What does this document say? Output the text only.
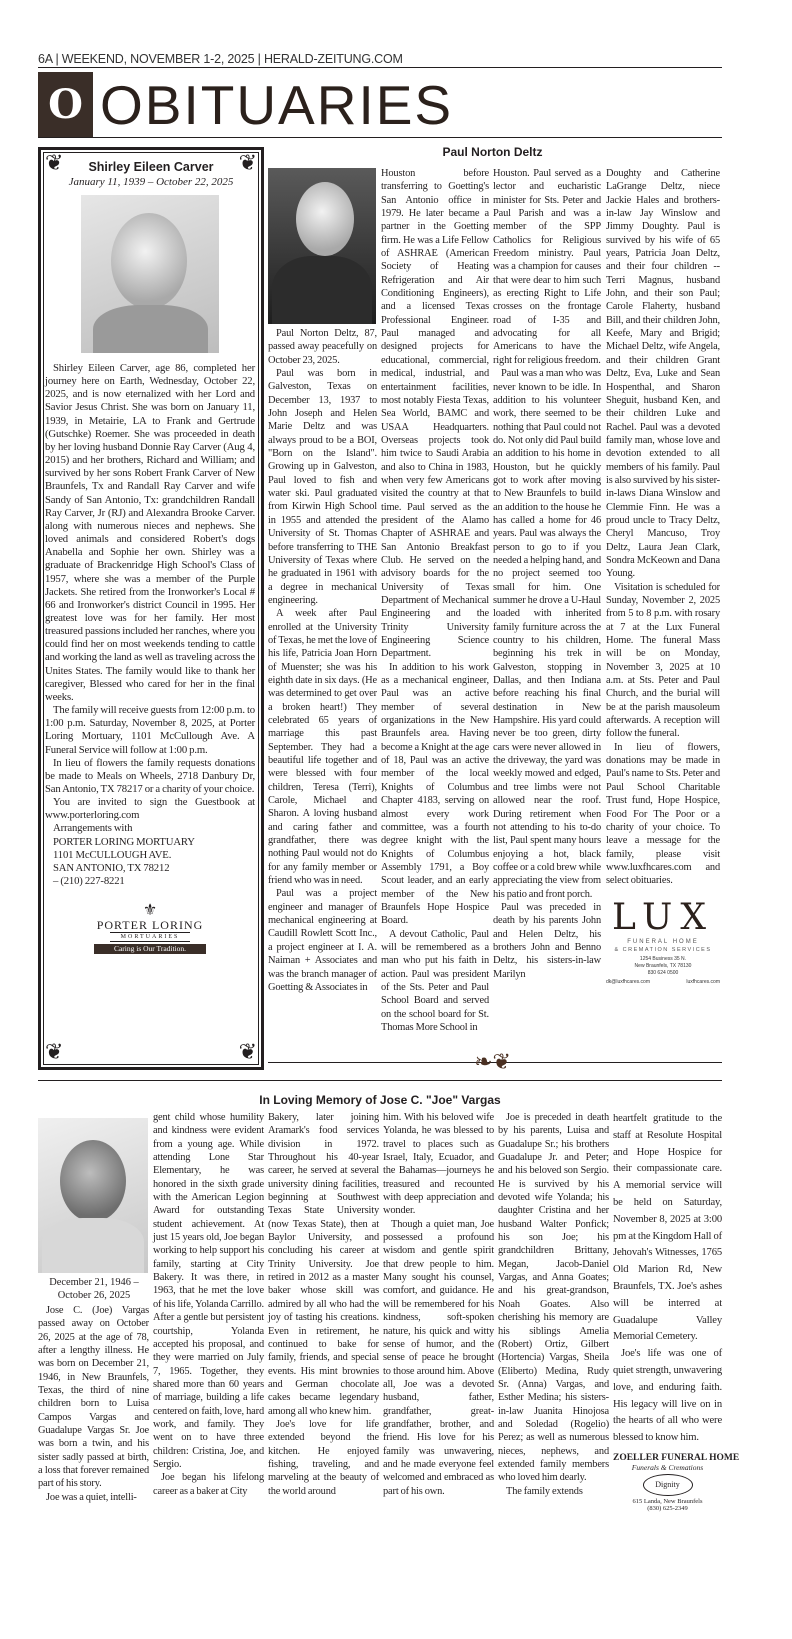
6A | WEEKEND, NOVEMBER 1-2, 2025 | HERALD-ZEITUNG.COM
O OBITUARIES
❦	❦
❦	❦
Shirley Eileen Carver
January 11, 1939 – October 22, 2025

Shirley Eileen Carver, age 86, completed her journey here on Earth, Wednesday, October 22, 2025, and is now eternalized with her Lord and Savior Jesus Christ. She was born on January 11, 1939, in Metairie, LA to Frank and Gertrude (Gutschke) Roemer. She was proceeded in death by her loving husband Donnie Ray Carver (Aug 4, 2015) and her brothers, Richard and William; and survived by her sons Robert Frank Carver of New Braunfels, Tx and Randall Ray Carver and wife Sandy of San Antonio, Tx: grandchildren Randall Ray Carver, Jr (RJ) and Alexandra Brooke Carver. along with numerous nieces and nephews. She loved animals and considered Robert's dogs Anabella and Sophie her own. Shirley was a graduate of Brackenridge High School's Class of 1957, where she was a member of the Purple Jackets. She retired from the Ironworker's Local # 66 and Ironworker's district Council in 1995. Her greatest love was for her family. Her most treasured passions included her ranches, where you could find her on most weekends tending to cattle and working the land as well as traveling across the Unites States. The family would like to thank her caregiver, Blessed who cared for her in the final weeks.

The family will receive guests from 12:00 p.m. to 1:00 p.m. Saturday, November 8, 2025, at Porter Loring Mortuary, 1101 McCullough Ave. A Funeral Service will follow at 1:00 p.m.

In lieu of flowers the family requests donations be made to Meals on Wheels, 2718 Danbury Dr, San Antonio, TX 78217 or a charity of your choice.

You are invited to sign the Guestbook at www.porterloring.com

Arrangements with
PORTER LORING MORTUARY
1101 McCULLOUGH AVE.
SAN ANTONIO, TX 78212
– (210) 227-8221
⚜
PORTER LORING
MORTUARIES
Caring is Our Tradition.
Paul Norton Deltz

Paul Norton Deltz, 87, passed away peacefully on October 23, 2025.

Paul was born in Galveston, Texas on December 13, 1937 to John Joseph and Helen Marie Deltz and was always proud to be a BOI, "Born on the Island". Growing up in Galveston, Paul loved to fish and water ski. Paul graduated from Kirwin High School in 1955 and attended the University of St. Thomas before transferring to THE University of Texas where he graduated in 1961 with a degree in mechanical engineering.

A week after Paul enrolled at the University of Texas, he met the love of his life, Patricia Joan Horn of Muenster; she was his eighth date in six days. (He was determined to get over a broken heart!) They celebrated 65 years of marriage this past September. They had a beautiful life together and were blessed with four children, Teresa (Terri), Carole, Michael and Sharon. A loving husband and caring father and grandfather, there was nothing Paul would not do for any family member or friend who was in need.

Paul was a project engineer and manager of mechanical engineering at Caudill Rowlett Scott Inc., a project engineer at I. A. Naiman + Associates and was the branch manager of Goetting & Associates in

Houston before transferring to Goetting's San Antonio office in 1979. He later became a partner in the Goetting firm. He was a Life Fellow of ASHRAE (American Society of Heating Refrigeration and Air Conditioning Engineers), and a licensed Texas Professional Engineer. Paul managed and designed projects for educational, commercial, medical, industrial, and entertainment facilities, most notably Fiesta Texas, Sea World, BAMC and USAA Headquarters. Overseas projects took him twice to Saudi Arabia and also to China in 1983, when very few Americans visited the country at that time. Paul served as the president of the Alamo Chapter of ASHRAE and San Antonio Breakfast Club. He served on the advisory boards for the University of Texas Department of Mechanical Engineering and the Trinity University Engineering Science Department.

In addition to his work as a mechanical engineer, Paul was an active member of several organizations in the New Braunfels area. Having become a Knight at the age of 18, Paul was an active member of the local Knights of Columbus Chapter 4183, serving on almost every work committee, was a fourth degree knight with the Knights of Columbus Assembly 1791, a Boy Scout leader, and an early member of the New Braunfels Hope Hospice Board.

A devout Catholic, Paul will be remembered as a man who put his faith in action. Paul was president of the Sts. Peter and Paul School Board and served on the school board for St. Thomas More School in

Houston. Paul served as a lector and eucharistic minister for Sts. Peter and Paul Parish and was a member of the SPP Catholics for Religious Freedom ministry. Paul was a champion for causes that were dear to him such as erecting Right to Life crosses on the frontage road of I-35 and advocating for all Americans to have the right for religious freedom.

Paul was a man who was never known to be idle. In addition to his volunteer work, there seemed to be nothing that Paul could not do. Not only did Paul build an addition to his home in Houston, but he quickly got to work after moving to New Braunfels to build an addition to the house he has called a home for 46 years. Paul was always the person to go to if you needed a helping hand, and no project seemed too small for him. One summer he drove a U-Haul loaded with inherited family furniture across the country to his children, beginning his trek in Galveston, stopping in Dallas, and then Indiana before reaching his final destination in New Hampshire. His yard could never be too green, dirty cars were never allowed in the driveway, the yard was weekly mowed and edged, and tree limbs were not allowed near the roof. During retirement when not attending to his to-do list, Paul spent many hours enjoying a hot, black coffee or a cold brew while appreciating the view from his patio and front porch.

Paul was preceded in death by his parents John and Helen Deltz, his brothers John and Benno Deltz, his sisters-in-law Marilyn

Doughty and Catherine LaGrange Deltz, niece Jackie Hales and brothers-in-law Jay Winslow and Jimmy Doughty. Paul is survived by his wife of 65 years, Patricia Joan Deltz, and their four children -- Terri Magnus, husband John, and their son Paul; Carole Flaherty, husband Bill, and their children John, Keefe, Mary and Brigid; Michael Deltz, wife Angela, and their children Grant Deltz, Eva, Luke and Sean Hospenthal, and Sharon Sheguit, husband Ken, and their children Luke and Rachel. Paul was a devoted family man, whose love and devotion extended to all members of his family. Paul is also survived by his sister-in-laws Diana Winslow and Clemmie Finn. He was a proud uncle to Tracy Deltz, Cheryl Mancuso, Troy Deltz, Laura Jean Clark, Sondra McKeown and Dana Young.

Visitation is scheduled for Sunday, November 2, 2025 from 5 to 8 p.m. with rosary at 7 at the Lux Funeral Home. The funeral Mass will be on Monday, November 3, 2025 at 10 a.m. at Sts. Peter and Paul Church, and the burial will be at the parish mausoleum afterwards. A reception will follow the funeral.

In lieu of flowers, donations may be made in Paul's name to Sts. Peter and Paul School Charitable Trust fund, Hope Hospice, Food For The Poor or a charity of your choice. To leave a message for the family, please visit www.luxfhcares.com and select obituaries.

LUX
FUNERAL HOME
& CREMATION SERVICES
1254 Business 35 N.
New Braunfels, TX 78130
830 624 0500
dk@luxfhcares.com	luxfhcares.com
❧❦
In Loving Memory of Jose C. "Joe" Vargas
December 21, 1946 – October 26, 2025

Jose C. (Joe) Vargas passed away on October 26, 2025 at the age of 78, after a lengthy illness. He was born on December 21, 1946, in New Braunfels, Texas, the third of nine children born to Luisa Campos Vargas and Guadalupe Vargas Sr. Joe was born a twin, and his sister sadly passed at birth, a loss that forever remained part of his story.

Joe was a quiet, intelli-

gent child whose humility and kindness were evident from a young age. While attending Lone Star Elementary, he was honored in the sixth grade with the American Legion Award for outstanding student achievement. At just 15 years old, Joe began working to help support his family, starting at City Bakery. It was there, in 1963, that he met the love of his life, Yolanda Carrillo. After a gentle but persistent courtship, Yolanda accepted his proposal, and they were married on July 7, 1965. Together, they shared more than 60 years of marriage, building a life centered on faith, love, hard work, and family. They went on to have three children: Cristina, Joe, and Sergio.

Joe began his lifelong career as a baker at City

Bakery, later joining Aramark's food services division in 1972. Throughout his 40-year career, he served at several university dining facilities, beginning at Southwest Texas State University (now Texas State), then at Baylor University, and concluding his career at Trinity University. Joe retired in 2012 as a master baker whose skill was admired by all who had the joy of tasting his creations. Even in retirement, he continued to bake for family, friends, and special events. His mint brownies and German chocolate cakes became legendary among all who knew him.

Joe's love for life extended beyond the kitchen. He enjoyed fishing, traveling, and marveling at the beauty of the world around

him. With his beloved wife Yolanda, he was blessed to travel to places such as Israel, Italy, Ecuador, and the Bahamas—journeys he treasured and recounted with deep appreciation and wonder.

Though a quiet man, Joe possessed a profound wisdom and gentle spirit that drew people to him. Many sought his counsel, comfort, and guidance. He will be remembered for his kindness, soft-spoken nature, his quick and witty sense of humor, and the sense of peace he brought to those around him. Above all, Joe was a devoted husband, father, grandfather, great-grandfather, brother, and friend. His love for his family was unwavering, and he made everyone feel welcomed and embraced as part of his own.

Joe is preceded in death by his parents, Luisa and Guadalupe Sr.; his brothers Guadalupe Jr. and Peter; and his beloved son Sergio. He is survived by his devoted wife Yolanda; his daughter Cristina and her husband Walter Ponfick; his son Joe; his grandchildren Brittany, Megan, Jacob-Daniel Vargas, and Anna Goates; and his great-grandson, Noah Goates. Also cherishing his memory are his siblings Amelia (Robert) Ortiz, Gilbert (Hortencia) Vargas, Sheila (Eliberto) Medina, Rudy Sr. (Anna) Vargas, and Esther Medina; his sisters-in-law Juanita Hinojosa and Soledad (Rogelio) Perez; as well as numerous nieces, nephews, and extended family members who loved him dearly.

The family extends

heartfelt gratitude to the staff at Resolute Hospital and Hope Hospice for their compassionate care. A memorial service will be held on Saturday, November 8, 2025 at 3:00 pm at the Kingdom Hall of Jehovah's Witnesses, 1765 Old Marion Rd, New Braunfels, TX. Joe's ashes will be interred at Guadalupe Valley Memorial Cemetery.

Joe's life was one of quiet strength, unwavering love, and enduring faith. His legacy will live on in the hearts of all who were blessed to know him.

ZOELLER FUNERAL HOME
Funerals & Cremations
Dignity
615 Landa, New Braunfels
(830) 625-2349
